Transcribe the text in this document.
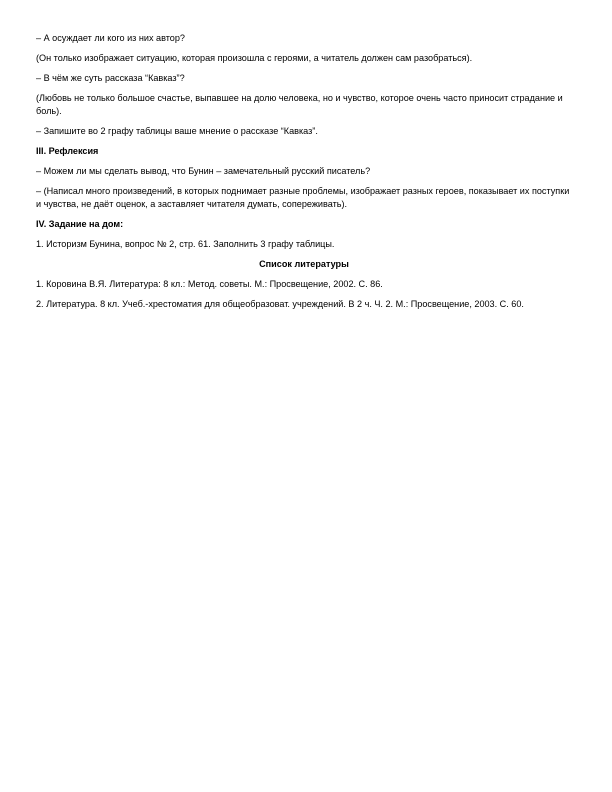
– А осуждает ли кого из них автор?

(Он только изображает ситуацию, которая произошла с героями, а читатель должен сам разобраться).

– В чём же суть рассказа “Кавказ”?

(Любовь не только большое счастье, выпавшее на долю человека, но и чувство, которое очень часто приносит страдание и боль).

– Запишите во 2 графу таблицы ваше мнение о рассказе “Кавказ”.

III. Рефлексия

– Можем ли мы сделать вывод, что Бунин – замечательный русский писатель?

– (Написал много произведений, в которых поднимает разные проблемы, изображает разных героев, показывает их поступки и чувства, не даёт оценок, а заставляет читателя думать, сопереживать).

IV. Задание на дом:

1. Историзм Бунина, вопрос № 2, стр. 61. Заполнить 3 графу таблицы.

Список литературы

1. Коровина В.Я. Литература: 8 кл.: Метод. советы. М.: Просвещение, 2002. С. 86.

2. Литература. 8 кл. Учеб.-хрестоматия для общеобразоват. учреждений. В 2 ч. Ч. 2. М.: Просвещение, 2003. С. 60.
